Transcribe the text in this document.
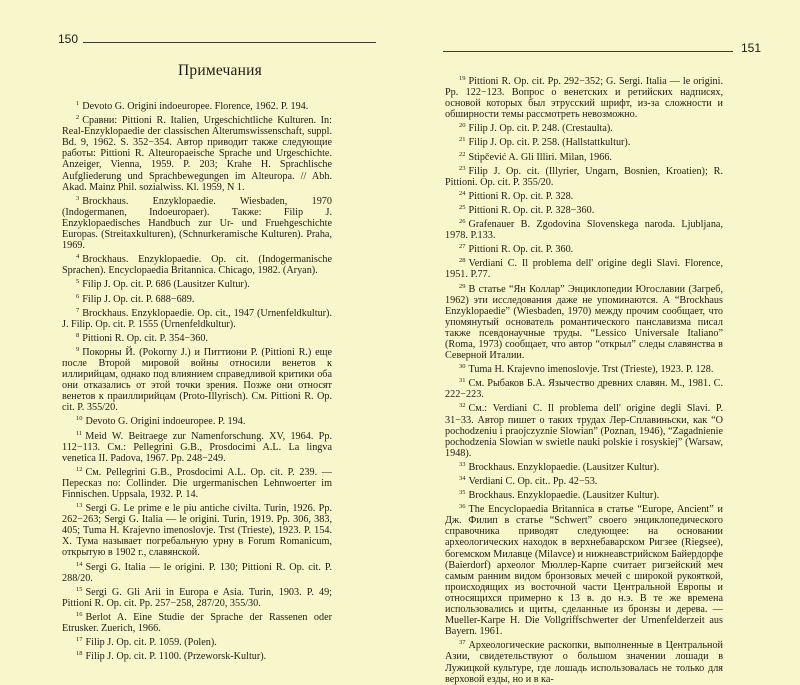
150
Примечания

$^1$ Devoto G. Origini indoeuropee. Florence, 1962. P. 194.

$^2$ Сравни: Pittioni R. Italien, Urgeschichtliche Kulturen. In: Real-Enzyklopaedie der classischen Alterumswissenschaft, suppl. Bd. 9, 1962. S. 352−354. Автор приводит также следующие работы: Pittioni R. Alteuropaeische Sprache und Urgeschichte. Anzeiger, Vienna, 1959. P. 203; Krahe H. Sprachlische Aufgliederung und Sprachbewegungen im Alteuropa. // Abh. Akad. Mainz Phil. sozialwiss. Kl. 1959, N 1.

$^3$ Brockhaus. Enzyklopaedie. Wiesbaden, 1970 (Indogermanen, Indoeuropaer). Также: Filip J. Enzyklopaedisches Handbuch zur Ur- und Fruehgeschichte Europas. (Streitaxkulturen), (Schnurkeramische Kulturen). Praha, 1969.

$^4$ Brockhaus. Enzyklopaedie. Op. cit. (Indogermanische Sprachen). Encyclopaedia Britannica. Chicago, 1982. (Aryan).

$^5$ Filip J. Op. cit. P. 686 (Lausitzer Kultur).

$^6$ Filip J. Op. cit. P. 688−689.

$^7$ Brockhaus. Enzyklopaedie. Op. cit., 1947 (Urnenfeldkultur). J. Filip. Op. cit. P. 1555 (Urnenfeldkultur).

$^8$ Pittioni R. Op. cit. P. 354−360.

$^9$ Покорны Й. (Pokorny J.) и Питтиони Р. (Pittioni R.) еще после Второй мировой войны относили венетов к иллирийцам, однако под влиянием справедливой критики оба они отказались от этой точки зрения. Позже они относят венетов к праиллирийцам (Proto-Illyrisch). См. Pittioni R. Op. cit. P. 355/20.

$^{10}$ Devoto G. Origini indoeuropee. P. 194.

$^{11}$ Meid W. Beitraege zur Namenforschung. XV, 1964. Pp. 112−113. См.: Pellegrini G.B., Prosdocimi A.L. La lingva venetica II. Padova, 1967. Pp. 248−249.

$^{12}$ См. Pellegrini G.B., Prosdocimi A.L. Op. cit. P. 239. — Пересказ по: Collinder. Die urgermanischen Lehnwoerter im Finnischen. Uppsala, 1932. P. 14.

$^{13}$ Sergi G. Le prime e le piu antiche civilta. Turin, 1926. Pp. 262−263; Sergi G. Italia — le origini. Turin, 1919. Pp. 306, 383, 405; Tuma H. Krajevno imenoslovje. Trst (Trieste), 1923. P. 154. X. Тума называет погребальную урну в Forum Romanicum, открытую в 1902 г., славянской.

$^{14}$ Sergi G. Italia — le origini. P. 130; Pittioni R. Op. cit. P. 288/20.

$^{15}$ Sergi G. Gli Arii in Europa e Asia. Turin, 1903. P. 49; Pittioni R. Op. cit. Pp. 257−258, 287/20, 355/30.

$^{16}$ Berlot A. Eine Studie der Sprache der Rassenen oder Etrusker. Zuerich, 1966.

$^{17}$ Filip J. Op. cit. P. 1059. (Polen).

$^{18}$ Filip J. Op. cit. P. 1100. (Przeworsk-Kultur).

151

$^{19}$ Pittioni R. Op. cit. Pp. 292−352; G. Sergi. Italia — le origini. Pp. 122−123. Вопрос о венетских и ретийских надписях, основой которых был этрусский шрифт, из-за сложности и обширности темы рассмотреть невозможно.

$^{20}$ Filip J. Op. cit. P. 248. (Crestaulta).

$^{21}$ Filip J. Op. cit. P. 258. (Hallstattkultur).

$^{22}$ Stipčević A. Gli Illiri. Milan, 1966.

$^{23}$ Filip J. Op. cit. (Illyrier, Ungarn, Bosnien, Kroatien); R. Pittioni. Op. cit. P. 355/20.

$^{24}$ Pittioni R. Op. cit. P. 328.

$^{25}$ Pittioni R. Op. cit. P. 328−360.

$^{26}$ Grafenauer B. Zgodovina Slovenskega naroda. Ljubljana, 1978. P.133.

$^{27}$ Pittioni R. Op. cit. P. 360.

$^{28}$ Verdiani C. Il problema dell' origine degli Slavi. Florence, 1951. P.77.

$^{29}$ В статье “Ян Коллар” Энциклопедии Югославии (Загреб, 1962) эти исследования даже не упоминаются. А “Brockhaus Enzyklopaedie” (Wiesbaden, 1970) между прочим сообщает, что упомянутый основатель романтического панславизма писал также псевдонаучные труды. “Lessico Universale Italiano” (Roma, 1973) сообщает, что автор “открыл” следы славянства в Северной Италии.

$^{30}$ Tuma H. Krajevno imenoslovje. Trst (Trieste), 1923. P. 128.

$^{31}$ См. Рыбаков Б.А. Язычество древних славян. М., 1981. С. 222−223.

$^{32}$ См.: Verdiani C. Il problema dell' origine degli Slavi. P. 31−33. Автор пишет о таких трудах Лер-Сплавиньски, как “O pochodzeniu i praojczyznie Slowian” (Poznan, 1946), “Zagadnienie pochodzenia Slowian w swietle nauki polskie i rosyskiej” (Warsaw, 1948).

$^{33}$ Brockhaus. Enzyklopaedie. (Lausitzer Kultur).

$^{34}$ Verdiani C. Op. cit.. Pp. 42−53.

$^{35}$ Brockhaus. Enzyklopaedie. (Lausitzer Kultur).

$^{36}$ The Encyclopaedia Britannica в статье “Europe, Ancient” и Дж. Филип в статье “Schwert” своего энциклопедического справочника приводят следующее: на основании археологических находок в верхнебаварском Ригзее (Riegsee), богемском Милавце (Milavce) и нижнеавстрийском Байердорфе (Baierdorf) археолог Мюллер-Карпе считает ригзейский меч самым ранним видом бронзовых мечей с широкой рукояткой, происходящих из восточной части Центральной Европы и относящихся примерно к 13 в. до н.э. В те же времена использовались и щиты, сделанные из бронзы и дерева. — Mueller-Karpe H. Die Vollgriffschwerter der Urnenfelderzeit aus Bayern. 1961.

$^{37}$ Археологические раскопки, выполненные в Центральной Азии, свидетельствуют о большом значении лошади в Лужицкой культуре, где лошадь использовалась не только для верховой езды, но и в ка-
